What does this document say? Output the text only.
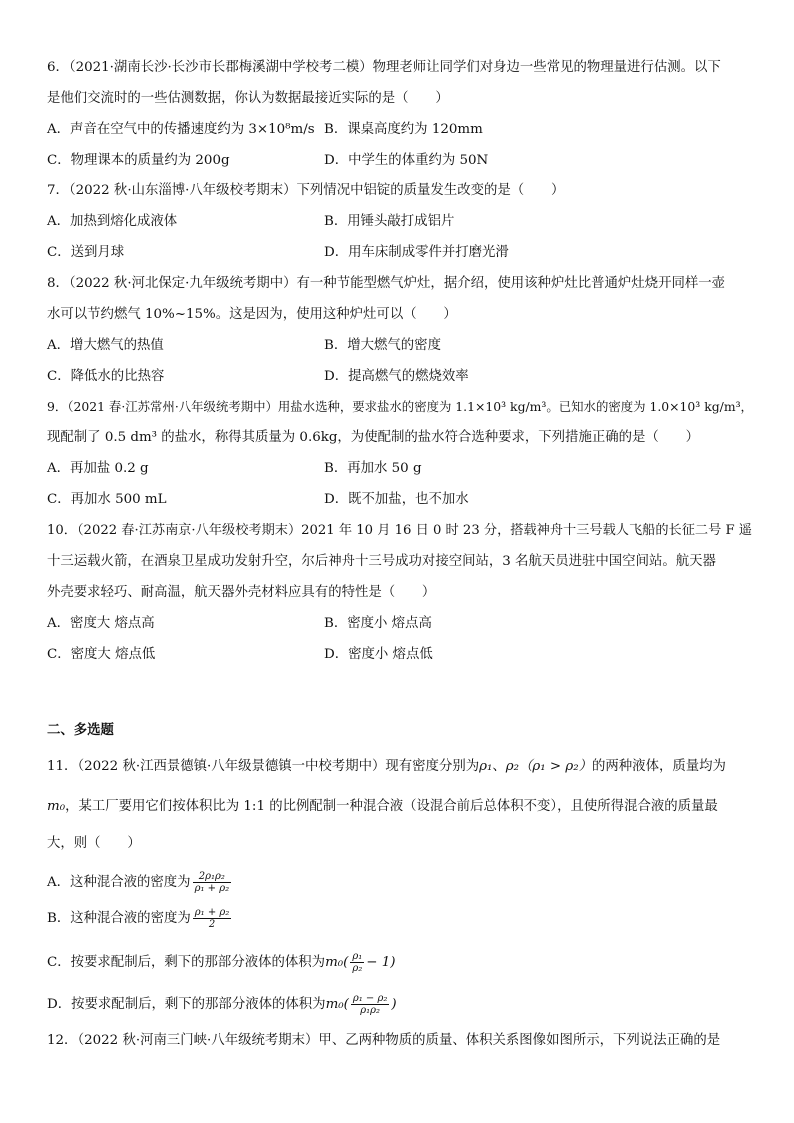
6．（2021·湖南长沙·长沙市长郡梅溪湖中学校考二模）物理老师让同学们对身边一些常见的物理量进行估测。以下
是他们交流时的一些估测数据，你认为数据最接近实际的是（　　）
A．声音在空气中的传播速度约为 3×10⁸m/s B．课桌高度约为 120mm
C．物理课本的质量约为 200g	D．中学生的体重约为 50N
7．（2022 秋·山东淄博·八年级校考期末）下列情况中铝锭的质量发生改变的是（　　）
A．加热到熔化成液体	B．用锤头敲打成铝片
C．送到月球	D．用车床制成零件并打磨光滑
8．（2022 秋·河北保定·九年级统考期中）有一种节能型燃气炉灶，据介绍，使用该种炉灶比普通炉灶烧开同样一壶
水可以节约燃气 10%~15%。这是因为，使用这种炉灶可以（　　）
A．增大燃气的热值	B．增大燃气的密度
C．降低水的比热容	D．提高燃气的燃烧效率
9．（2021 春·江苏常州·八年级统考期中）用盐水选种，要求盐水的密度为 1.1×10³ kg/m³。已知水的密度为 1.0×10³ kg/m³，
现配制了 0.5 dm³ 的盐水，称得其质量为 0.6kg，为使配制的盐水符合选种要求，下列措施正确的是（　　）
A．再加盐 0.2 g	B．再加水 50 g
C．再加水 500 mL	D．既不加盐，也不加水
10．（2022 春·江苏南京·八年级校考期末）2021 年 10 月 16 日 0 时 23 分，搭载神舟十三号载人飞船的长征二号 F 遥
十三运载火箭，在酒泉卫星成功发射升空，尔后神舟十三号成功对接空间站，3 名航天员进驻中国空间站。航天器
外壳要求轻巧、耐高温，航天器外壳材料应具有的特性是（　　）
A．密度大 熔点高	B．密度小 熔点高
C．密度大 熔点低	D．密度小 熔点低
二、多选题
11．（2022 秋·江西景德镇·八年级景德镇一中校考期中）现有密度分别为ρ₁、ρ₂（ρ₁ > ρ₂）的两种液体，质量均为
m₀，某工厂要用它们按体积比为 1:1 的比例配制一种混合液（设混合前后总体积不变），且使所得混合液的质量最
大，则（　　）
A．这种混合液的密度为 $\frac{\text{2ρ₁ρ₂}}{\text{ρ₁ + ρ₂}}$
B．这种混合液的密度为 $\frac{\text{ρ₁ + ρ₂}}{2}$
C．按要求配制后，剩下的那部分液体的体积为$m_0( \frac{\text{ρ₁}}{\text{ρ₂}} - 1)$
D．按要求配制后，剩下的那部分液体的体积为$m_0( \frac{\text{ρ₁ − ρ₂}}{\text{ρ₁ρ₂}}$ )
12．（2022 秋·河南三门峡·八年级统考期末）甲、乙两种物质的质量、体积关系图像如图所示，下列说法正确的是
